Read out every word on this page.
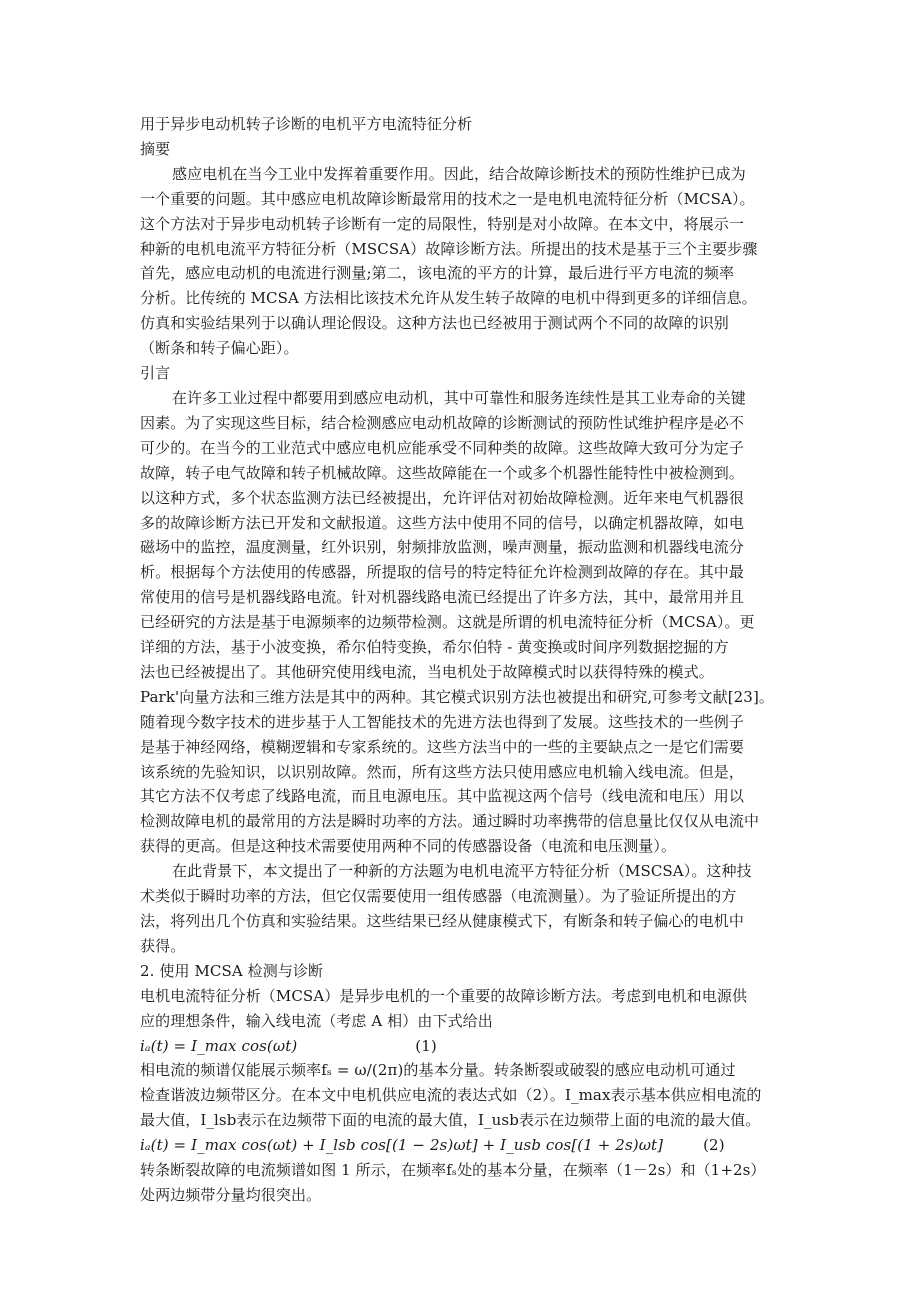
用于异步电动机转子诊断的电机平方电流特征分析
摘要
感应电机在当今工业中发挥着重要作用。因此，结合故障诊断技术的预防性维护已成为
一个重要的问题。其中感应电机故障诊断最常用的技术之一是电机电流特征分析（MCSA）。
这个方法对于异步电动机转子诊断有一定的局限性，特别是对小故障。在本文中，将展示一
种新的电机电流平方特征分析（MSCSA）故障诊断方法。所提出的技术是基于三个主要步骤
首先，感应电动机的电流进行测量;第二，该电流的平方的计算，最后进行平方电流的频率
分析。比传统的 MCSA 方法相比该技术允许从发生转子故障的电机中得到更多的详细信息。
仿真和实验结果列于以确认理论假设。这种方法也已经被用于测试两个不同的故障的识别
（断条和转子偏心距）。
引言
在许多工业过程中都要用到感应电动机，其中可靠性和服务连续性是其工业寿命的关键
因素。为了实现这些目标，结合检测感应电动机故障的诊断测试的预防性试维护程序是必不
可少的。在当今的工业范式中感应电机应能承受不同种类的故障。这些故障大致可分为定子
故障，转子电气故障和转子机械故障。这些故障能在一个或多个机器性能特性中被检测到。
以这种方式，多个状态监测方法已经被提出，允许评估对初始故障检测。近年来电气机器很
多的故障诊断方法已开发和文献报道。这些方法中使用不同的信号，以确定机器故障，如电
磁场中的监控，温度测量，红外识别，射频排放监测，噪声测量，振动监测和机器线电流分
析。根据每个方法使用的传感器，所提取的信号的特定特征允许检测到故障的存在。其中最
常使用的信号是机器线路电流。针对机器线路电流已经提出了许多方法，其中，最常用并且
已经研究的方法是基于电源频率的边频带检测。这就是所谓的机电流特征分析（MCSA）。更
详细的方法，基于小波变换，希尔伯特变换，希尔伯特 - 黄变换或时间序列数据挖掘的方
法也已经被提出了。其他研究使用线电流，当电机处于故障模式时以获得特殊的模式。
Park'向量方法和三维方法是其中的两种。其它模式识别方法也被提出和研究,可参考文献[23]。
随着现今数字技术的进步基于人工智能技术的先进方法也得到了发展。这些技术的一些例子
是基于神经网络，模糊逻辑和专家系统的。这些方法当中的一些的主要缺点之一是它们需要
该系统的先验知识，以识别故障。然而，所有这些方法只使用感应电机输入线电流。但是，
其它方法不仅考虑了线路电流，而且电源电压。其中监视这两个信号（线电流和电压）用以
检测故障电机的最常用的方法是瞬时功率的方法。通过瞬时功率携带的信息量比仅仅从电流中
获得的更高。但是这种技术需要使用两种不同的传感器设备（电流和电压测量）。
在此背景下，本文提出了一种新的方法题为电机电流平方特征分析（MSCSA）。这种技
术类似于瞬时功率的方法，但它仅需要使用一组传感器（电流测量）。为了验证所提出的方
法，将列出几个仿真和实验结果。这些结果已经从健康模式下，有断条和转子偏心的电机中
获得。
2. 使用 MCSA 检测与诊断
电机电流特征分析（MCSA）是异步电机的一个重要的故障诊断方法。考虑到电机和电源供
应的理想条件，输入线电流（考虑 A 相）由下式给出
iₐ(t) = I_max cos(ωt)	(1)
相电流的频谱仅能展示频率fₛ = ω/(2π)的基本分量。转条断裂或破裂的感应电动机可通过
检查谐波边频带区分。在本文中电机供应电流的表达式如（2）。I_max表示基本供应相电流的
最大值，I_lsb表示在边频带下面的电流的最大值，I_usb表示在边频带上面的电流的最大值。
iₐ(t) = I_max cos(ωt) + I_lsb cos[(1 − 2s)ωt] + I_usb cos[(1 + 2s)ωt]	(2)
转条断裂故障的电流频谱如图 1 所示，在频率fₛ处的基本分量，在频率（1－2s）和（1+2s）
处两边频带分量均很突出。
